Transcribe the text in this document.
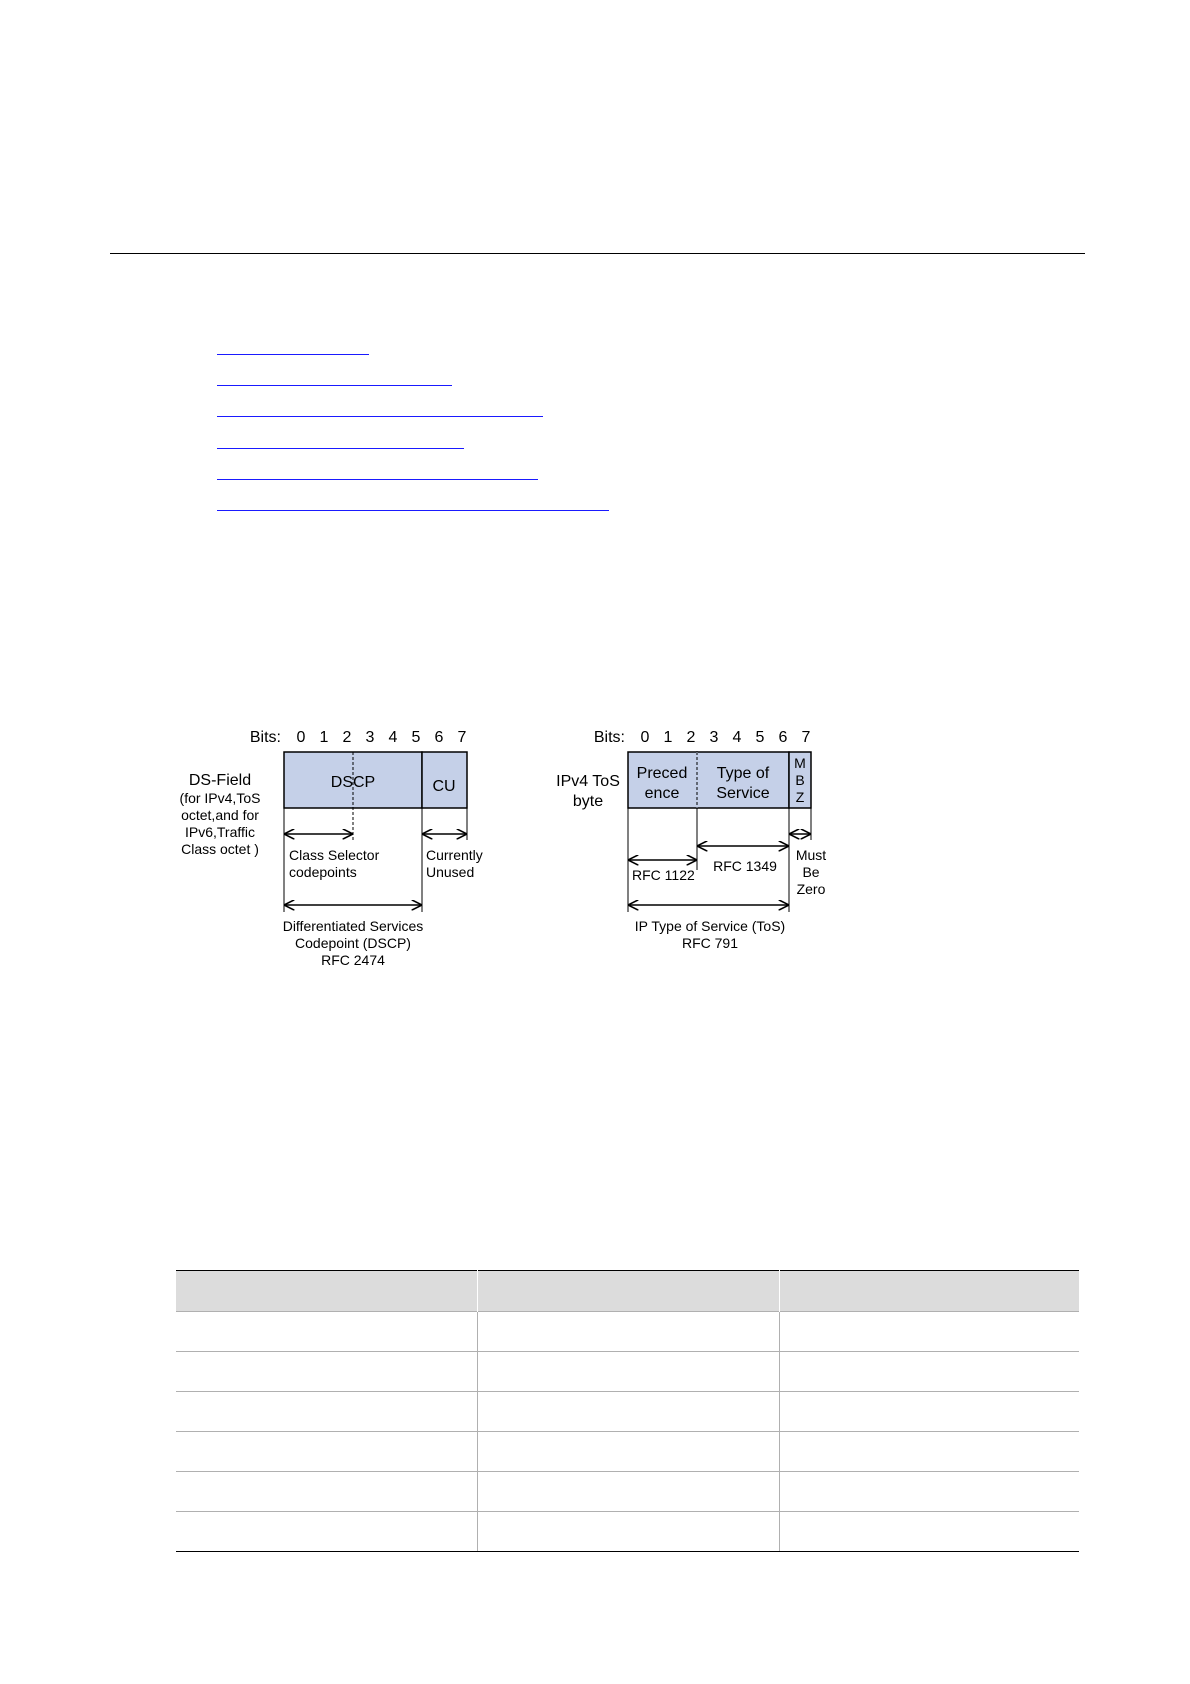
Bits: 0 1 2 3 4 5 6 7
DS-Field
(for IPv4,ToS
octet,and for
IPv6,Traffic
Class octet )
DSCP	CU
Class Selector
codepoints
Currently
Unused
Differentiated Services
Codepoint (DSCP)
RFC 2474
Bits: 0 1 2 3 4 5 6 7
IPv4 ToS
byte
Preced
ence
Type of
Service
M
B
Z
RFC 1122
RFC 1349
Must
Be
Zero
IP Type of Service (ToS)
RFC 791
